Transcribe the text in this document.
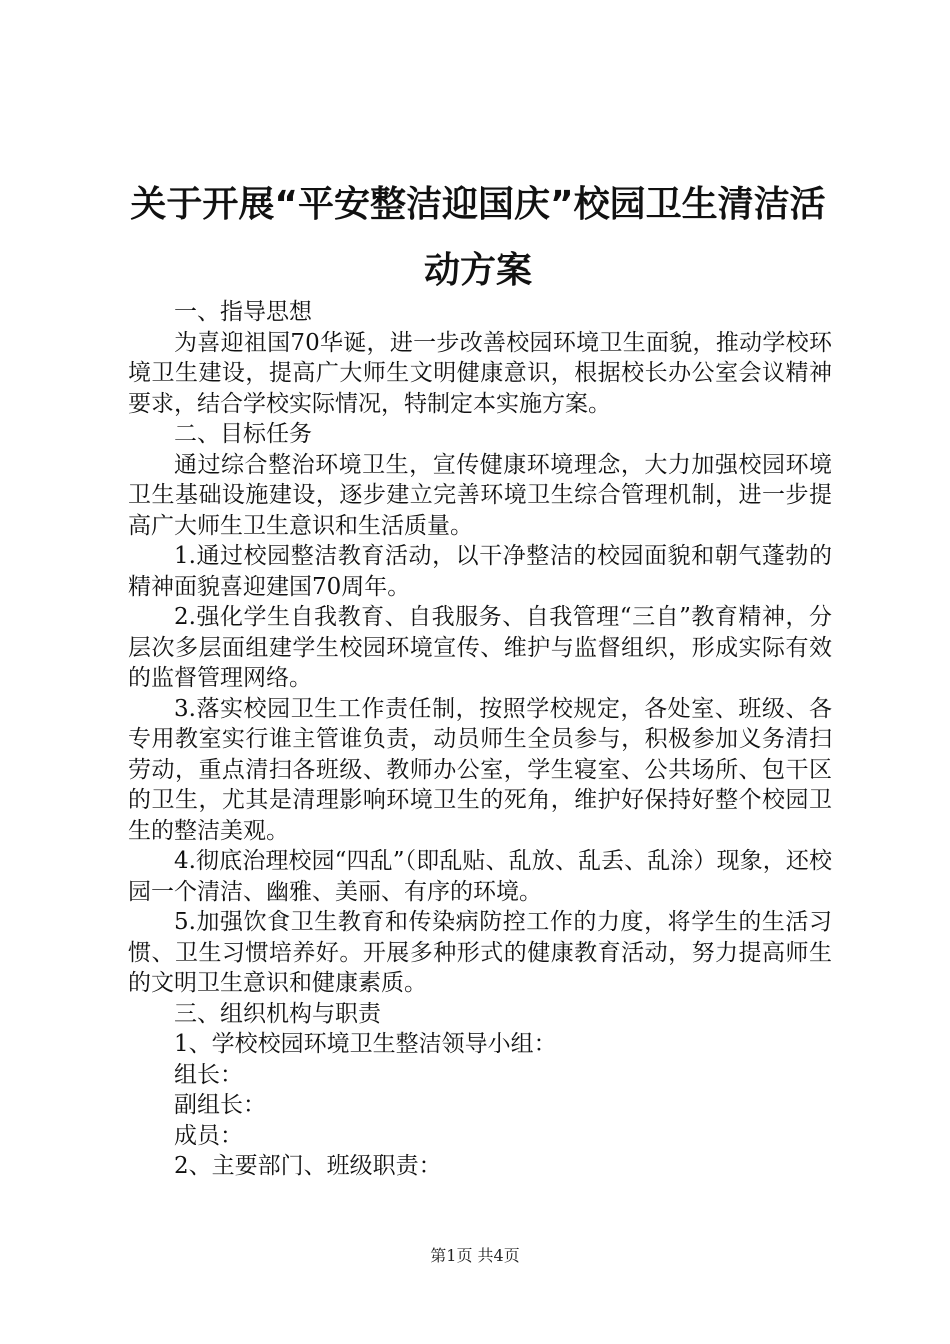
关于开展“平安整洁迎国庆”校园卫生清洁活动方案

一、指导思想

为喜迎祖国70华诞，进一步改善校园环境卫生面貌，推动学校环境卫生建设，提高广大师生文明健康意识，根据校长办公室会议精神要求，结合学校实际情况，特制定本实施方案。

二、目标任务

通过综合整治环境卫生，宣传健康环境理念，大力加强校园环境卫生基础设施建设，逐步建立完善环境卫生综合管理机制，进一步提高广大师生卫生意识和生活质量。

1.通过校园整洁教育活动，以干净整洁的校园面貌和朝气蓬勃的精神面貌喜迎建国70周年。

2.强化学生自我教育、自我服务、自我管理“三自”教育精神，分层次多层面组建学生校园环境宣传、维护与监督组织，形成实际有效的监督管理网络。

3.落实校园卫生工作责任制，按照学校规定，各处室、班级、各专用教室实行谁主管谁负责，动员师生全员参与，积极参加义务清扫劳动，重点清扫各班级、教师办公室，学生寝室、公共场所、包干区的卫生，尤其是清理影响环境卫生的死角，维护好保持好整个校园卫生的整洁美观。

4.彻底治理校园“四乱”（即乱贴、乱放、乱丢、乱涂）现象，还校园一个清洁、幽雅、美丽、有序的环境。

5.加强饮食卫生教育和传染病防控工作的力度，将学生的生活习惯、卫生习惯培养好。开展多种形式的健康教育活动，努力提高师生的文明卫生意识和健康素质。

三、组织机构与职责

1、学校校园环境卫生整洁领导小组：

组长：

副组长：

成员：

2、主要部门、班级职责：

第1页 共4页
